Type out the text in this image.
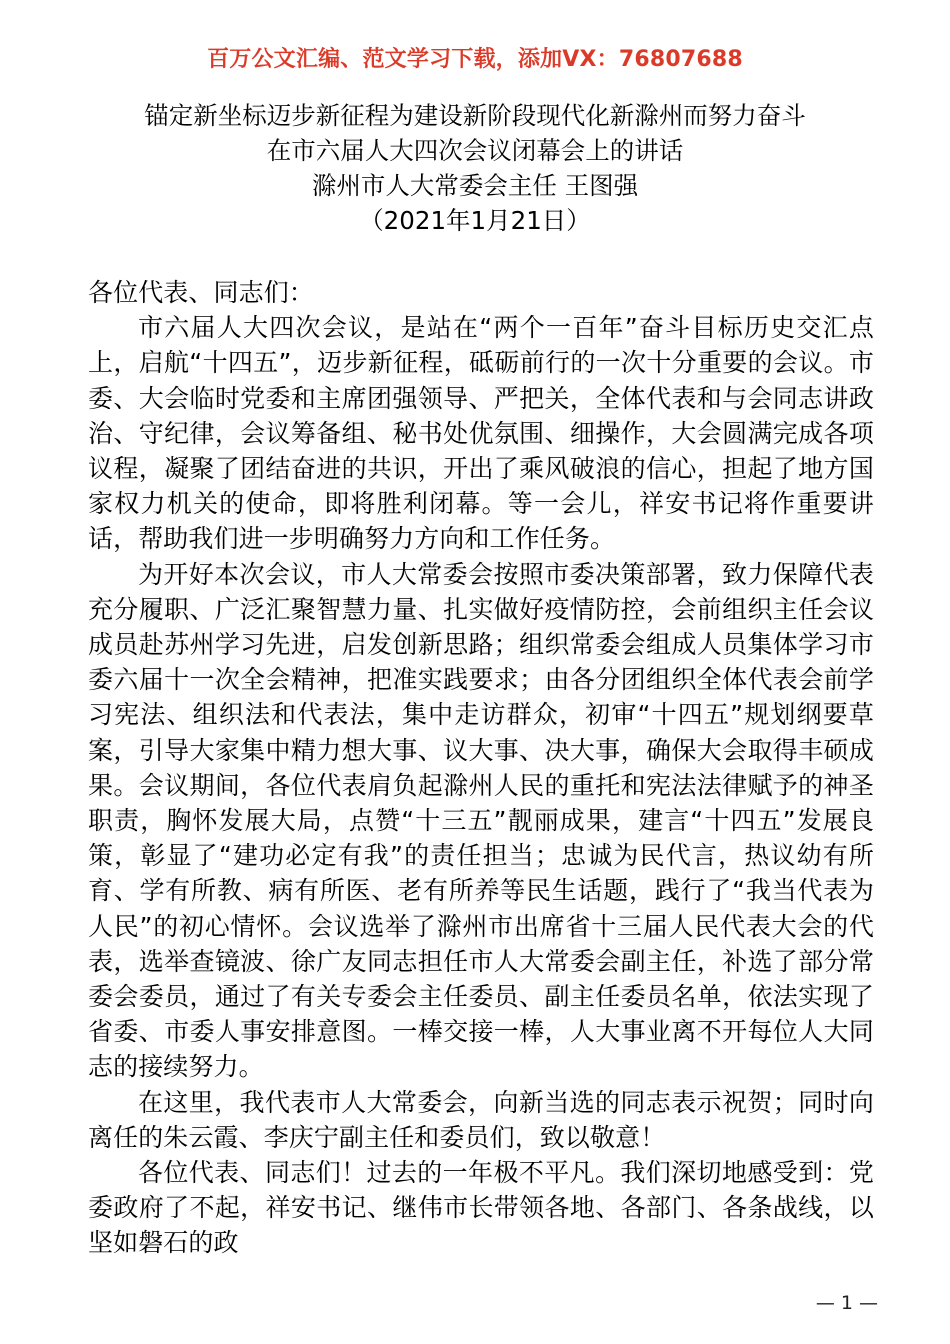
百万公文汇编、范文学习下载，添加VX：76807688
锚定新坐标迈步新征程为建设新阶段现代化新滁州而努力奋斗
在市六届人大四次会议闭幕会上的讲话
滁州市人大常委会主任 王图强
（2021年1月21日）

各位代表、同志们：

市六届人大四次会议，是站在“两个一百年”奋斗目标历史交汇点上，启航“十四五”，迈步新征程，砥砺前行的一次十分重要的会议。市委、大会临时党委和主席团强领导、严把关，全体代表和与会同志讲政治、守纪律，会议筹备组、秘书处优氛围、细操作，大会圆满完成各项议程，凝聚了团结奋进的共识，开出了乘风破浪的信心，担起了地方国家权力机关的使命，即将胜利闭幕。等一会儿，祥安书记将作重要讲话，帮助我们进一步明确努力方向和工作任务。

为开好本次会议，市人大常委会按照市委决策部署，致力保障代表充分履职、广泛汇聚智慧力量、扎实做好疫情防控，会前组织主任会议成员赴苏州学习先进，启发创新思路；组织常委会组成人员集体学习市委六届十一次全会精神，把准实践要求；由各分团组织全体代表会前学习宪法、组织法和代表法，集中走访群众，初审“十四五”规划纲要草案，引导大家集中精力想大事、议大事、决大事，确保大会取得丰硕成果。会议期间，各位代表肩负起滁州人民的重托和宪法法律赋予的神圣职责，胸怀发展大局，点赞“十三五”靓丽成果，建言“十四五”发展良策，彰显了“建功必定有我”的责任担当；忠诚为民代言，热议幼有所育、学有所教、病有所医、老有所养等民生话题，践行了“我当代表为人民”的初心情怀。会议选举了滁州市出席省十三届人民代表大会的代表，选举查镜波、徐广友同志担任市人大常委会副主任，补选了部分常委会委员，通过了有关专委会主任委员、副主任委员名单，依法实现了省委、市委人事安排意图。一棒交接一棒，人大事业离不开每位人大同志的接续努力。

在这里，我代表市人大常委会，向新当选的同志表示祝贺；同时向离任的朱云霞、李庆宁副主任和委员们，致以敬意！

各位代表、同志们！过去的一年极不平凡。我们深切地感受到：党委政府了不起，祥安书记、继伟市长带领各地、各部门、各条战线，以坚如磐石的政

— 1 —
